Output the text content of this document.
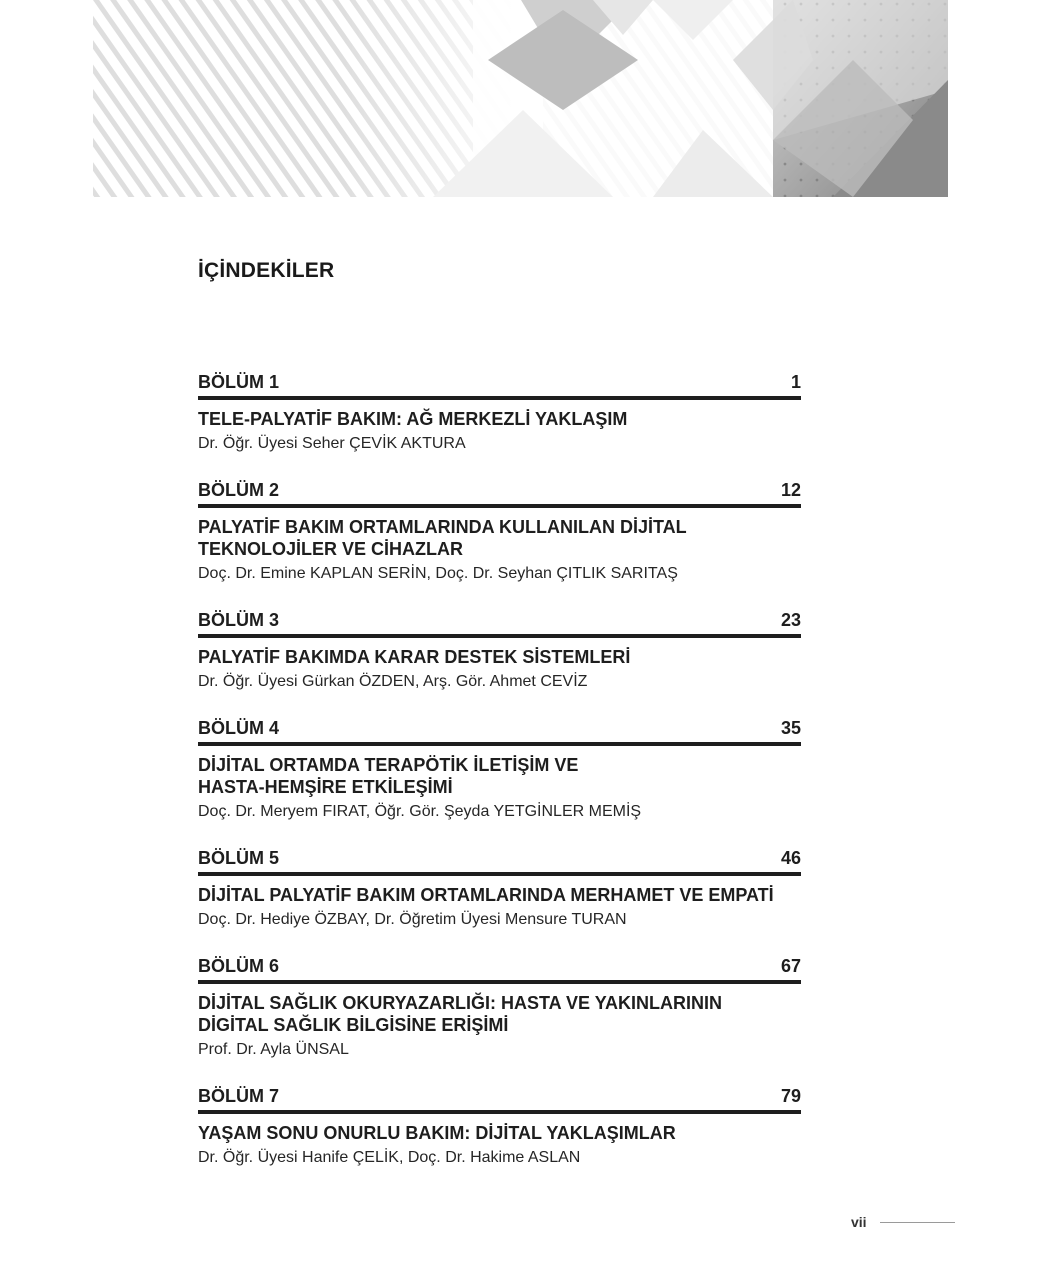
İÇİNDEKİLER
BÖLÜM 1	1
TELE-PALYATİF BAKIM: AĞ MERKEZLİ YAKLAŞIM
Dr. Öğr. Üyesi Seher ÇEVİK AKTURA
BÖLÜM 2	12
PALYATİF BAKIM ORTAMLARINDA KULLANILAN DİJİTAL
TEKNOLOJİLER VE CİHAZLAR
Doç. Dr. Emine KAPLAN SERİN, Doç. Dr. Seyhan ÇITLIK SARITAŞ
BÖLÜM 3	23
PALYATİF BAKIMDA KARAR DESTEK SİSTEMLERİ
Dr. Öğr. Üyesi Gürkan ÖZDEN, Arş. Gör. Ahmet CEVİZ
BÖLÜM 4	35
DİJİTAL ORTAMDA TERAPÖTİK İLETİŞİM VE
HASTA-HEMŞİRE ETKİLEŞİMİ
Doç. Dr. Meryem FIRAT, Öğr. Gör. Şeyda YETGİNLER MEMİŞ
BÖLÜM 5	46
DİJİTAL PALYATİF BAKIM ORTAMLARINDA MERHAMET VE EMPATİ
Doç. Dr. Hediye ÖZBAY, Dr. Öğretim Üyesi Mensure TURAN
BÖLÜM 6	67
DİJİTAL SAĞLIK OKURYAZARLIĞI: HASTA VE YAKINLARININ
DİGİTAL SAĞLIK BİLGİSİNE ERİŞİMİ
Prof. Dr. Ayla ÜNSAL
BÖLÜM 7	79
YAŞAM SONU ONURLU BAKIM: DİJİTAL YAKLAŞIMLAR
Dr. Öğr. Üyesi Hanife ÇELİK, Doç. Dr. Hakime ASLAN
vii
